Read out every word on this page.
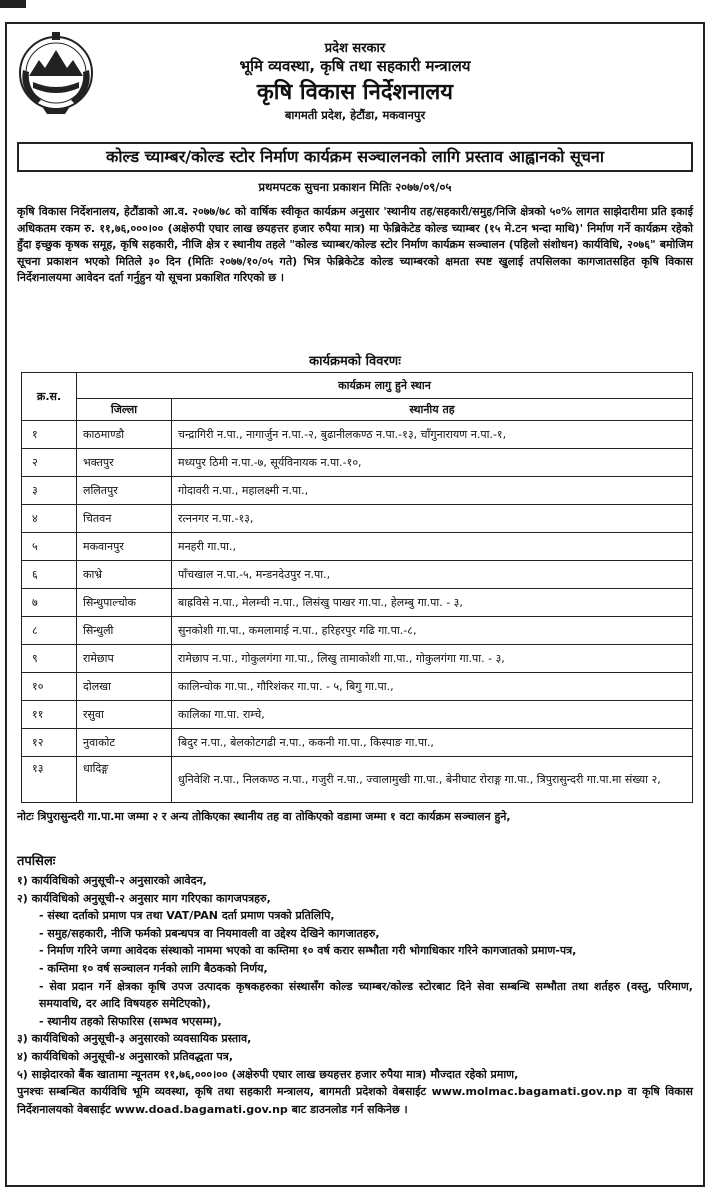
प्रदेश सरकार
भूमि व्यवस्था, कृषि तथा सहकारी मन्त्रालय
कृषि विकास निर्देशनालय
बागमती प्रदेश, हेटौंडा, मकवानपुर
कोल्ड च्याम्बर/कोल्ड स्टोर निर्माण कार्यक्रम सञ्चालनको लागि प्रस्ताव आह्वानको सूचना
प्रथमपटक सुचना प्रकाशन मितिः २०७७/०९/०५
कृषि विकास निर्देशनालय, हेटौंडाको आ.व. २०७७/७८ को वार्षिक स्वीकृत कार्यक्रम अनुसार 'स्थानीय तह/सहकारी/समुह/निजि क्षेत्रको ५०% लागत साझेदारीमा प्रति इकाई अधिकतम रकम रु. ११,७६,०००।०० (अक्षेरुपी एघार लाख छयहत्तर हजार रुपैया मात्र) मा फेब्रिकेटेड कोल्ड च्याम्बर (१५ मे.टन भन्दा माथि)' निर्माण गर्ने कार्यक्रम रहेको हुँदा इच्छुक कृषक समूह, कृषि सहकारी, नीजि क्षेत्र र स्थानीय तहले "कोल्ड च्याम्बर/कोल्ड स्टोर निर्माण कार्यक्रम सञ्चालन (पहिलो संशोधन) कार्यविधि, २०७६" बमोजिम सूचना प्रकाशन भएको मितिले ३० दिन (मितिः २०७७/१०/०५ गते) भित्र फेब्रिकेटेड कोल्ड च्याम्बरको क्षमता स्पष्ट खुलाई तपसिलका कागजातसहित कृषि विकास निर्देशनालयमा आवेदन दर्ता गर्नुहुन यो सूचना प्रकाशित गरिएको छ ।
कार्यक्रमको विवरणः
क्र.स.	कार्यक्रम लागु हुने स्थान	
	जिल्ला	स्थानीय तह
१	काठमाण्डौ	चन्द्रागिरी न.पा., नागार्जुन न.पा.-२, बुढानीलकण्ठ न.पा.-१३, चाँगुनारायण न.पा.-१,
२	भक्तपुर	मध्यपुर ठिमी न.पा.-७, सूर्यविनायक न.पा.-१०,
३	ललितपुर	गोदावरी न.पा., महालक्ष्मी न.पा.,
४	चितवन	रत्ननगर न.पा.-१३,
५	मकवानपुर	मनहरी गा.पा.,
६	काभ्रे	पाँचखाल न.पा.-५, मन्डनदेउपुर न.पा.,
७	सिन्धुपाल्चोक	बाह्रविसे न.पा., मेलम्ची न.पा., लिसंखु पाखर गा.पा., हेलम्बु गा.पा. - ३,
८	सिन्धुली	सुनकोशी गा.पा., कमलामाई न.पा., हरिहरपुर गढि गा.पा.-८,
९	रामेछाप	रामेछाप न.पा., गोकुलगंगा गा.पा., लिखु तामाकोशी गा.पा., गोकुलगंगा गा.पा. - ३,
१०	दोलखा	कालिन्चोक गा.पा., गौरिशंकर गा.पा. - ५, बिगु गा.पा.,
११	रसुवा	कालिका गा.पा. राम्चे,
१२	नुवाकोट	बिदुर न.पा., बेलकोटगढी न.पा., ककनी गा.पा., किस्पाङ गा.पा.,
१३	धादिङ्ग	धुनिवेशि न.पा., निलकण्ठ न.पा., गजुरी न.पा., ज्वालामुखी गा.पा., बेनीघाट रोराङ्ग गा.पा., त्रिपुरासुन्दरी गा.पा.मा संख्या २,
नोटः त्रिपुरासुन्दरी गा.पा.मा जम्मा २ र अन्य तोकिएका स्थानीय तह वा तोकिएको वडामा जम्मा १ वटा कार्यक्रम सञ्चालन हुने,
तपसिलः
१) कार्यविधिको अनुसूची-२ अनुसारको आवेदन,
२) कार्यविधिको अनुसूची-२ अनुसार माग गरिएका कागजपत्रहरु,
- संस्था दर्ताको प्रमाण पत्र तथा VAT/PAN दर्ता प्रमाण पत्रको प्रतिलिपि,
- समुह/सहकारी, नीजि फर्मको प्रबन्धपत्र वा नियमावली वा उद्देश्य देखिने कागजातहरु,
- निर्माण गरिने जग्गा आवेदक संस्थाको नाममा भएको वा कम्तिमा १० वर्ष करार सम्भौता गरी भोगाधिकार गरिने कागजातको प्रमाण-पत्र,
- कम्तिमा १० वर्ष सञ्चालन गर्नको लागि बैठकको निर्णय,
- सेवा प्रदान गर्ने क्षेत्रका कृषि उपज उत्पादक कृषकहरुका संस्थासँग कोल्ड च्याम्बर/कोल्ड स्टोरबाट दिने सेवा सम्बन्धि सम्भौता तथा शर्तहरु (वस्तु, परिमाण, समयावधि, दर आदि विषयहरु समेटिएको),
- स्थानीय तहको सिफारिस (सम्भव भएसम्म),
३) कार्यविधिको अनुसूची-३ अनुसारको व्यवसायिक प्रस्ताव,
४) कार्यविधिको अनुसूची-४ अनुसारको प्रतिवद्धता पत्र,
५) साझेदारको बैंक खातामा न्यूनतम ११,७६,०००।०० (अक्षेरुपी एघार लाख छयहत्तर हजार रुपैया मात्र) मौज्दात रहेको प्रमाण,
पुनश्चः सम्बन्धित कार्यविधि भूमि व्यवस्था, कृषि तथा सहकारी मन्त्रालय, बागमती प्रदेशको वेबसाईट www.molmac.bagamati.gov.np वा कृषि विकास निर्देशनालयको वेबसाईट www.doad.bagamati.gov.np बाट डाउनलोड गर्न सकिनेछ ।
